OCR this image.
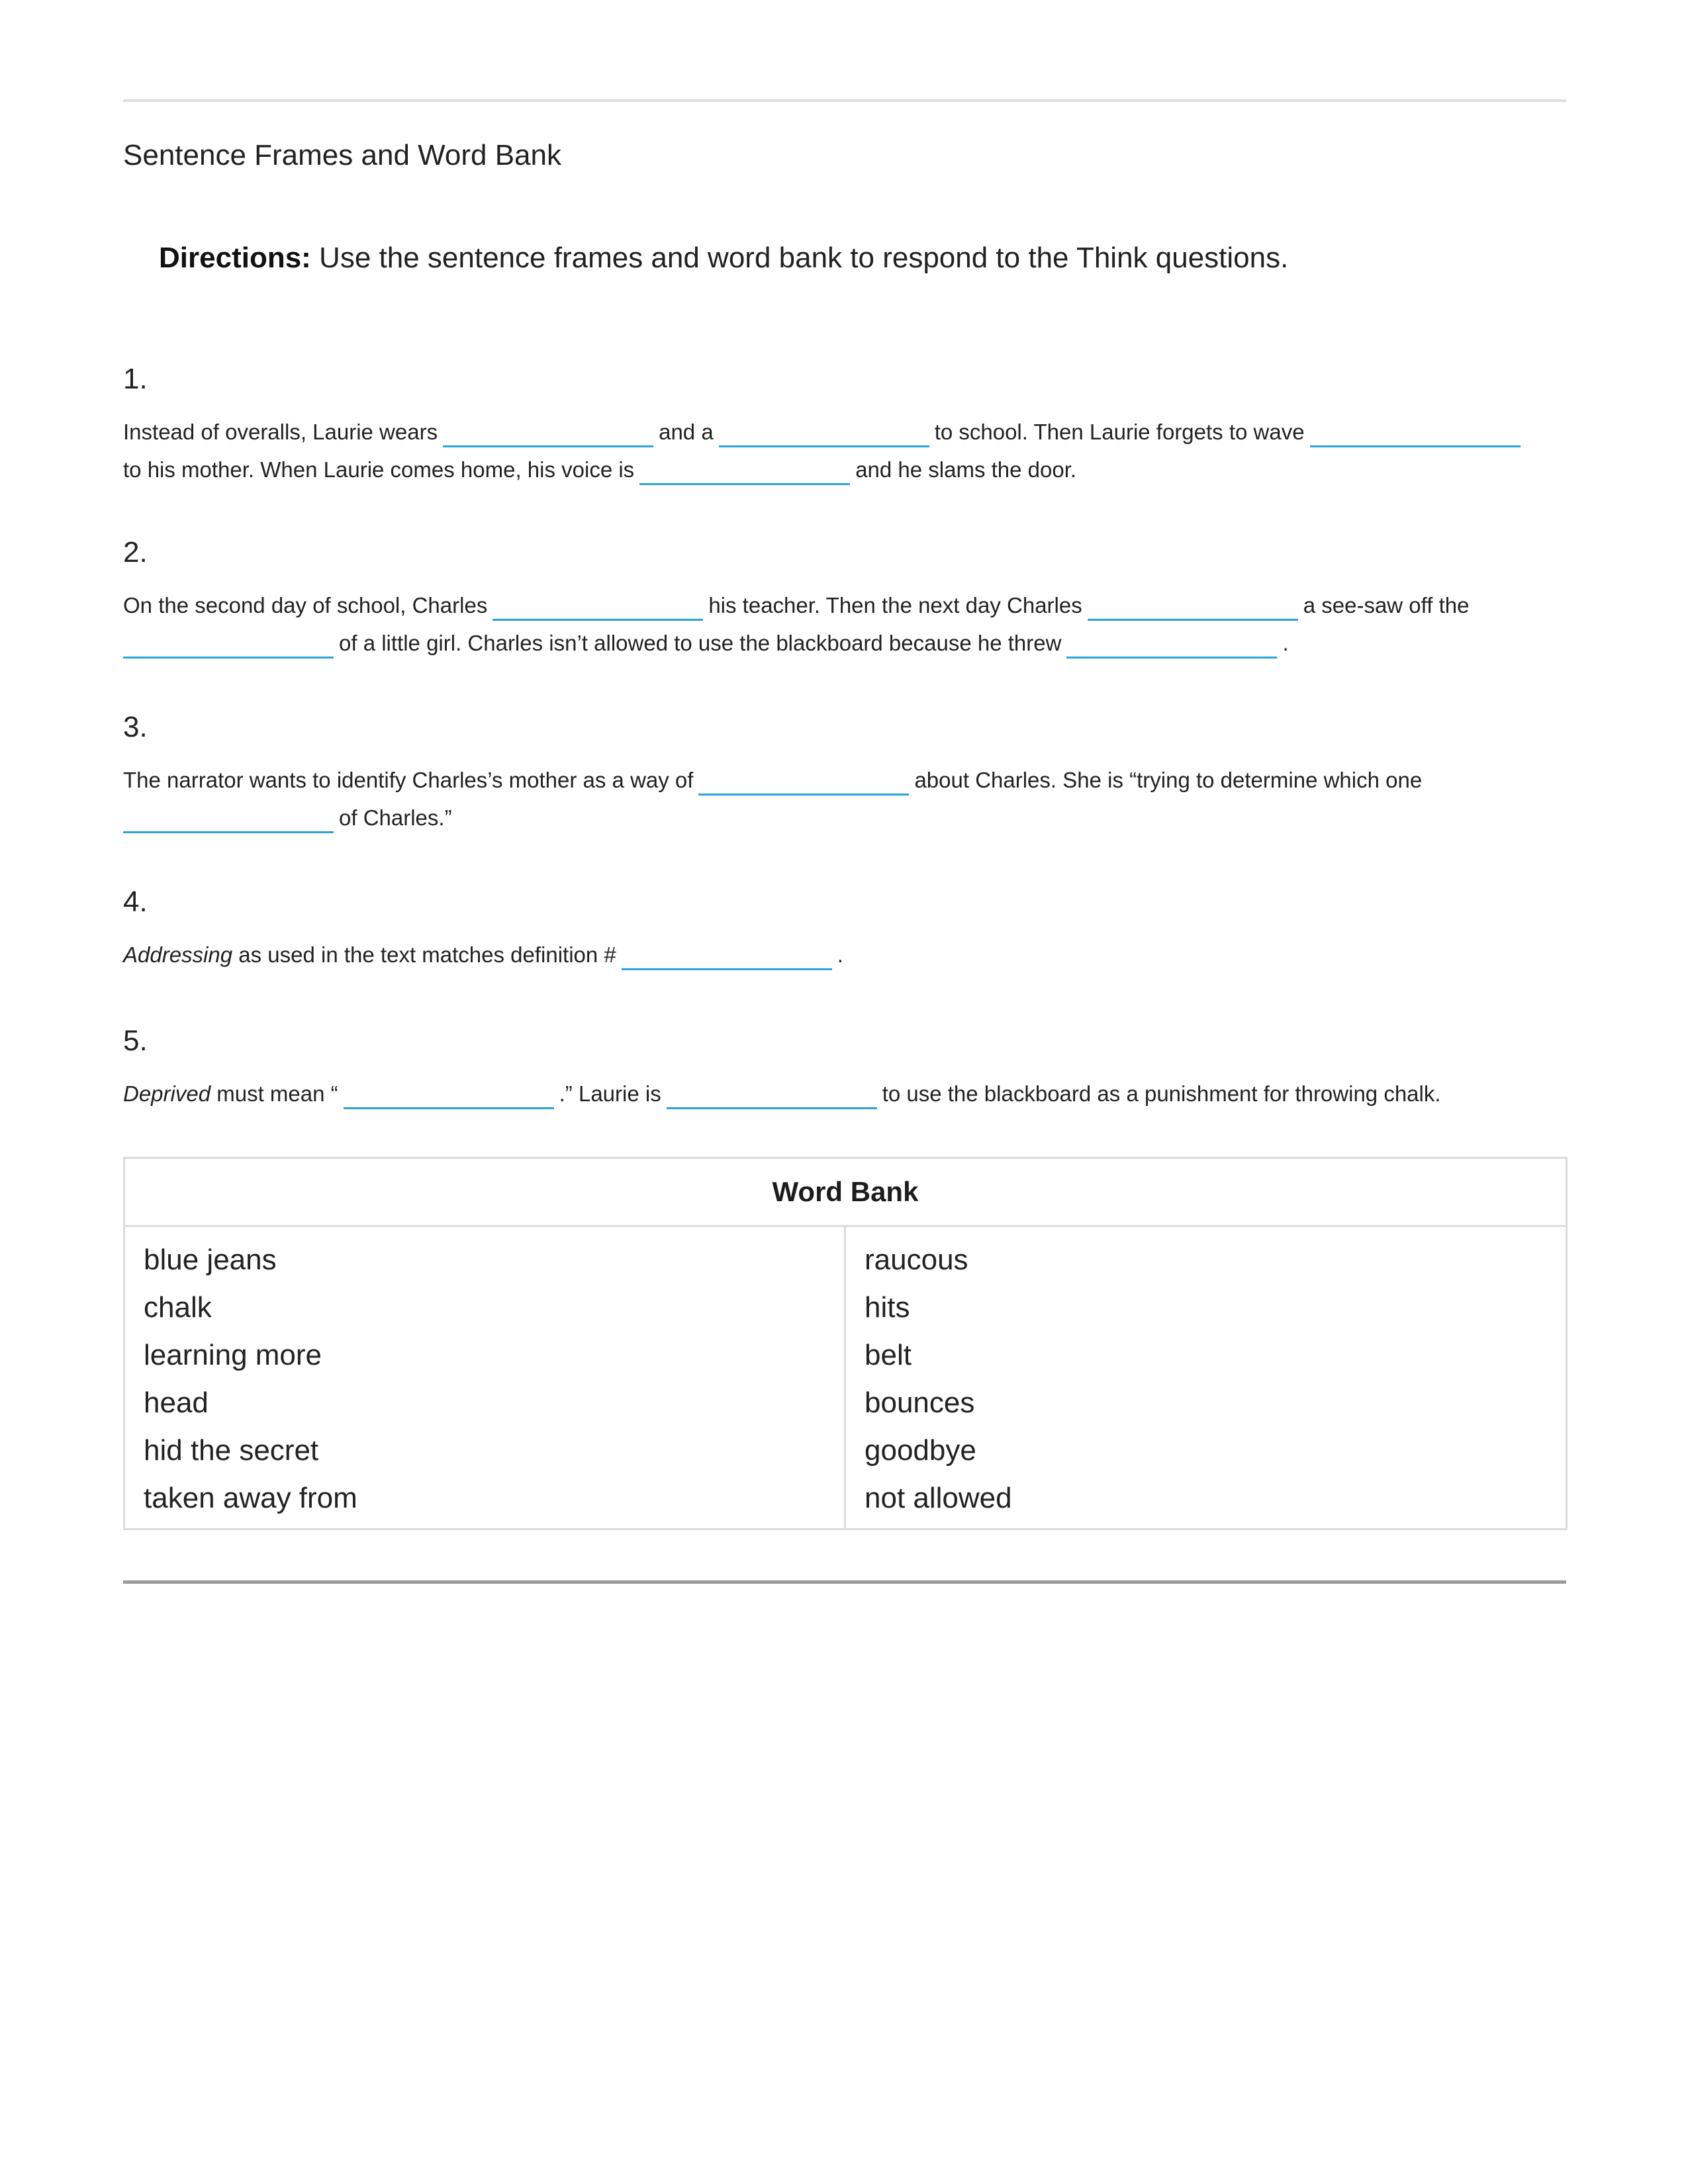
Sentence Frames and Word Bank

Directions: Use the sentence frames and word bank to respond to the Think questions.

1.

Instead of overalls, Laurie wears	and a	to school. Then Laurie forgets to wave
to his mother. When Laurie comes home, his voice is	and he slams the door.

2.

On the second day of school, Charles	his teacher. Then the next day Charles	a see-saw off the
of a little girl. Charles isn’t allowed to use the blackboard because he threw	.

3.

The narrator wants to identify Charles’s mother as a way of	about Charles. She is “trying to determine which one
of Charles.”

4.

Addressing as used in the text matches definition #	.

5.

Deprived must mean “	.” Laurie is	to use the blackboard as a punishment for throwing chalk.

Word Bank
blue jeans
chalk
learning more
head
hid the secret
taken away from
raucous
hits
belt
bounces
goodbye
not allowed
